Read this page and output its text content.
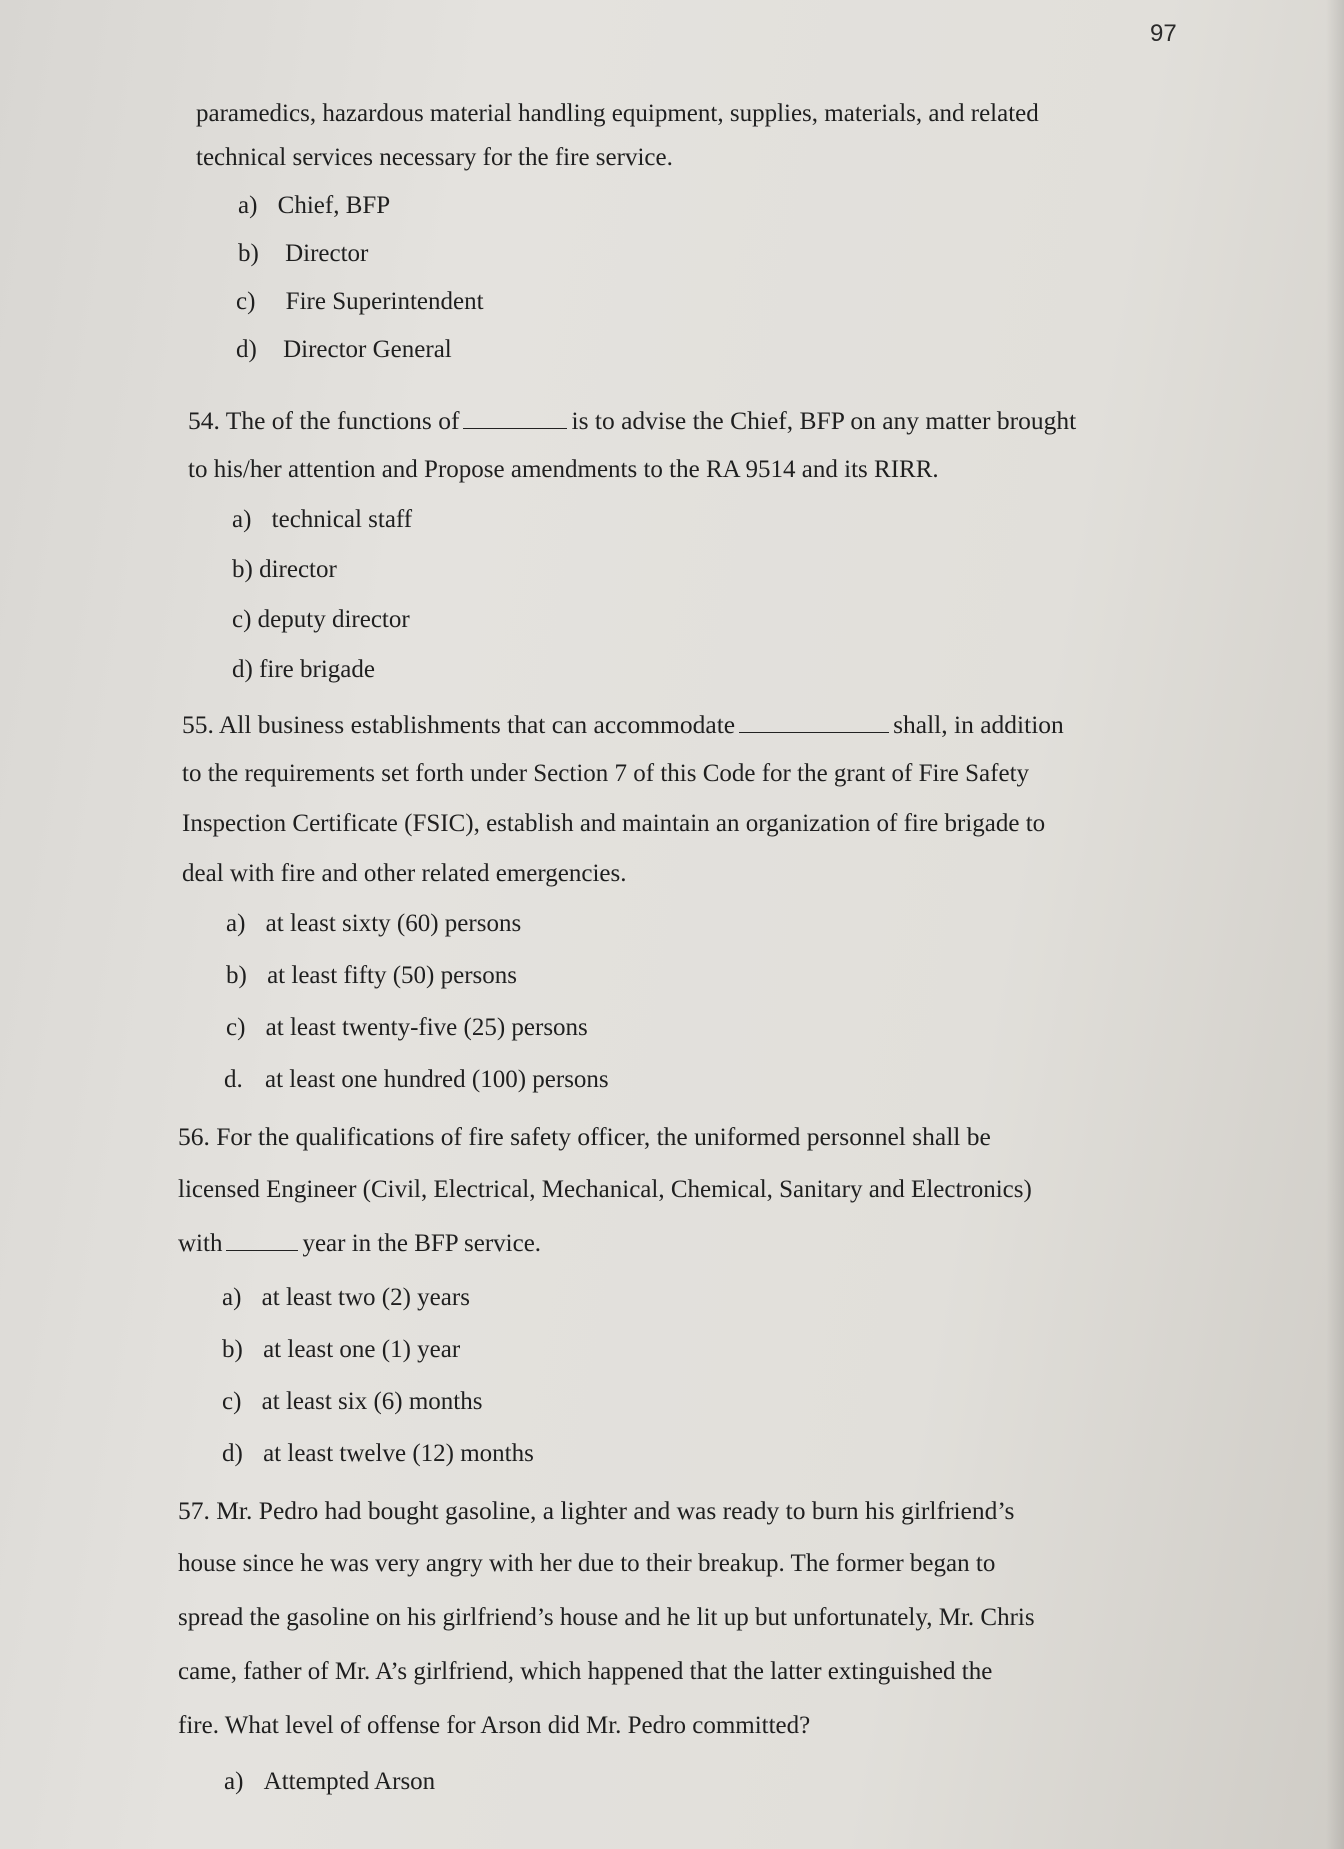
97
paramedics, hazardous material handling equipment, supplies, materials, and related
technical services necessary for the fire service.
a) Chief, BFP
b) Director
c) Fire Superintendent
d) Director General
54. The of the functions of	is to advise the Chief, BFP on any matter brought
to his/her attention and Propose amendments to the RA 9514 and its RIRR.
a) technical staff
b) director
c) deputy director
d) fire brigade
55. All business establishments that can accommodate	shall, in addition
to the requirements set forth under Section 7 of this Code for the grant of Fire Safety
Inspection Certificate (FSIC), establish and maintain an organization of fire brigade to
deal with fire and other related emergencies.
a) at least sixty (60) persons
b) at least fifty (50) persons
c) at least twenty-five (25) persons
d. at least one hundred (100) persons
56. For the qualifications of fire safety officer, the uniformed personnel shall be
licensed Engineer (Civil, Electrical, Mechanical, Chemical, Sanitary and Electronics)
with	year in the BFP service.
a) at least two (2) years
b) at least one (1) year
c) at least six (6) months
d) at least twelve (12) months
57. Mr. Pedro had bought gasoline, a lighter and was ready to burn his girlfriend’s
house since he was very angry with her due to their breakup. The former began to
spread the gasoline on his girlfriend’s house and he lit up but unfortunately, Mr. Chris
came, father of Mr. A’s girlfriend, which happened that the latter extinguished the
fire. What level of offense for Arson did Mr. Pedro committed?
a) Attempted Arson
